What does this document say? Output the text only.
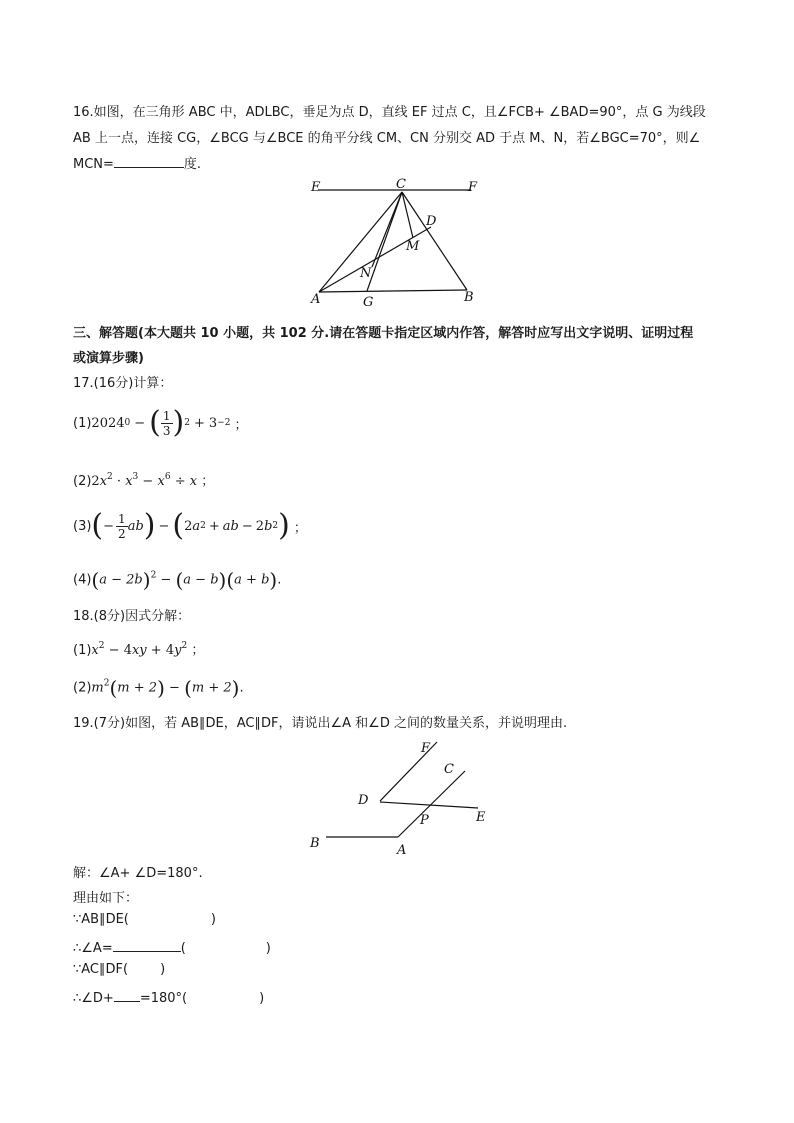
16.如图，在三角形 ABC 中，ADLBC，垂足为点 D，直线 EF 过点 C，且∠FCB+ ∠BAD=90°，点 G 为线段
AB 上一点，连接 CG，∠BCG 与∠BCE 的角平分线 CM、CN 分别交 AD 于点 M、N，若∠BGC=70°，则∠
MCN=	度.
E	C	F
D
M
N
A	G	B
三、解答题(本大题共 10 小题，共 102 分.请在答题卡指定区域内作答，解答时应写出文字说明、证明过程
或演算步骤)
17.(16分)计算：
(1) 2024 0 − ( $\frac{1}{3}$ ) 2 + 3 −2 ；
$(2)2x^2 \cdot x^3 - x^6 \div x$ ；
(3) ( − $\frac{1}{2}$ ab ) − ( 2 a 2 + ab − 2 b 2 ) ；
$(4)(a - 2b)^2 - (a - b)(a + b)$.
18.(8分)因式分解：
$(1)x^2 - 4xy + 4y^2$ ；
$(2)m^2(m + 2) - (m + 2)$.
19.(7分)如图，若 AB∥DE，AC∥DF，请说出∠A 和∠D 之间的数量关系，并说明理由.
F
C
D
E
P
B	A
解：∠A+ ∠D=180°.
理由如下：
∵AB∥DE(	)
∴∠A=	(	)
∵AC∥DF( )
∴∠D+ =180°(	)
